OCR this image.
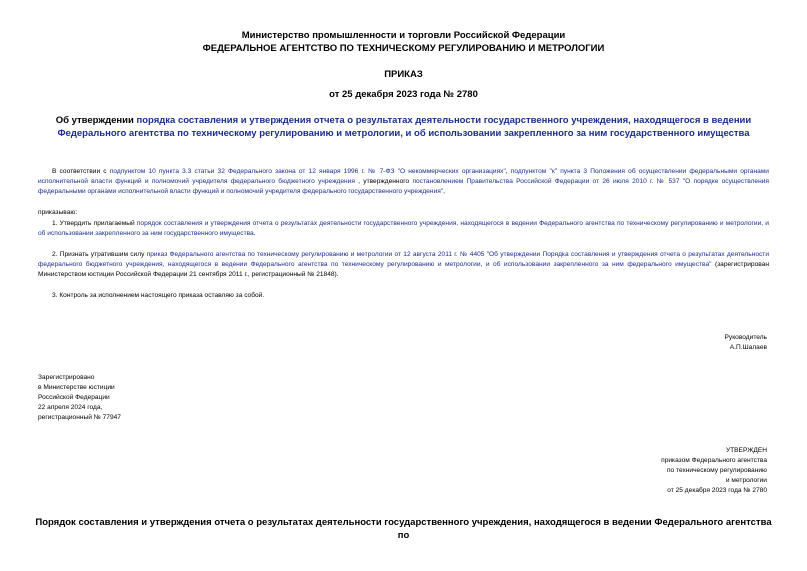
Министерство промышленности и торговли Российской Федерации
ФЕДЕРАЛЬНОЕ АГЕНТСТВО ПО ТЕХНИЧЕСКОМУ РЕГУЛИРОВАНИЮ И МЕТРОЛОГИИ
ПРИКАЗ
от 25 декабря 2023 года № 2780
Об утверждении порядка составления и утверждения отчета о результатах деятельности государственного учреждения, находящегося в ведении Федерального агентства по техническому регулированию и метрологии, и об использовании закрепленного за ним государственного имущества
В соответствии с подпунктом 10 пункта 3.3 статьи 32 Федерального закона от 12 января 1996 г. № 7-ФЗ "О некоммерческих организациях", подпунктом "к" пункта 3 Положения об осуществлении федеральными органами исполнительной власти функций и полномочий учредителя федерального бюджетного учреждения , утвержденного постановлением Правительства Российской Федерации от 26 июля 2010 г. № 537 "О порядке осуществления федеральными органами исполнительной власти функций и полномочий учредителя федерального государственного учреждения",
приказываю:
1. Утвердить прилагаемый порядок составления и утверждения отчета о результатах деятельности государственного учреждения, находящегося в ведении Федерального агентства по техническому регулированию и метрологии, и об использовании закрепленного за ним государственного имущества.
2. Признать утратившим силу приказ Федерального агентства по техническому регулированию и метрологии от 12 августа 2011 г. № 4405 "Об утверждении Порядка составления и утверждения отчета о результатах деятельности федерального бюджетного учреждения, находящегося в ведении Федерального агентства по техническому регулированию и метрологии, и об использовании закрепленного за ним федерального имущества" (зарегистрирован Министерством юстиции Российской Федерации 21 сентября 2011 г., регистрационный № 21848).
3. Контроль за исполнением настоящего приказа оставляю за собой.
Руководитель
А.П.Шалаев
Зарегистрировано
в Министерстве юстиции
Российской Федерации
22 апреля 2024 года,
регистрационный № 77947
УТВЕРЖДЕН
приказом Федерального агентства
по техническому регулированию
и метрологии
от 25 декабря 2023 года № 2780
Порядок составления и утверждения отчета о результатах деятельности государственного учреждения, находящегося в ведении Федерального агентства по
